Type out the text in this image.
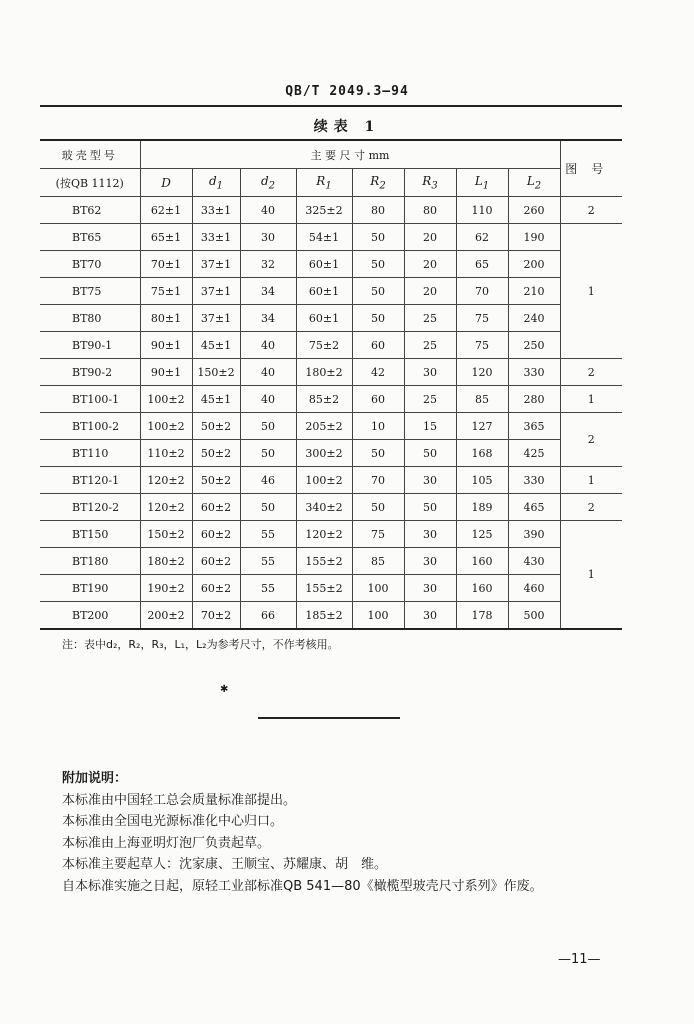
QB/T 2049.3—94
续表 1
玻壳型号	主 要 尺 寸 mm								图号
(按QB 1112)	D	$d_1$	$d_2$	$R_1$	$R_2$	$R_3$	$L_1$	$L_2$
BT62	62±1	33±1	40	325±2	80	80	110	260	2
BT65	65±1	33±1	30	54±1	50	20	62	190	1
BT70	70±1	37±1	32	60±1	50	20	65	200	
BT75	75±1	37±1	34	60±1	50	20	70	210	
BT80	80±1	37±1	34	60±1	50	25	75	240	
BT90-1	90±1	45±1	40	75±2	60	25	75	250	
BT90-2	90±1	150±2	40	180±2	42	30	120	330	2
BT100-1	100±2	45±1	40	85±2	60	25	85	280	1
BT100-2	100±2	50±2	50	205±2	10	15	127	365	2
BT110	110±2	50±2	50	300±2	50	50	168	425	
BT120-1	120±2	50±2	46	100±2	70	30	105	330	1
BT120-2	120±2	60±2	50	340±2	50	50	189	465	2
BT150	150±2	60±2	55	120±2	75	30	125	390	1
BT180	180±2	60±2	55	155±2	85	30	160	430	
BT190	190±2	60±2	55	155±2	100	30	160	460	
BT200	200±2	70±2	66	185±2	100	30	178	500	
注：表中d₂，R₂，R₃，L₁，L₂为参考尺寸，不作考核用。
✱
附加说明：
本标准由中国轻工总会质量标准部提出。
本标准由全国电光源标准化中心归口。
本标准由上海亚明灯泡厂负责起草。
本标准主要起草人：沈家康、王顺宝、苏耀康、胡　维。
自本标准实施之日起，原轻工业部标准QB 541—80《橄榄型玻壳尺寸系列》作废。
—11—
